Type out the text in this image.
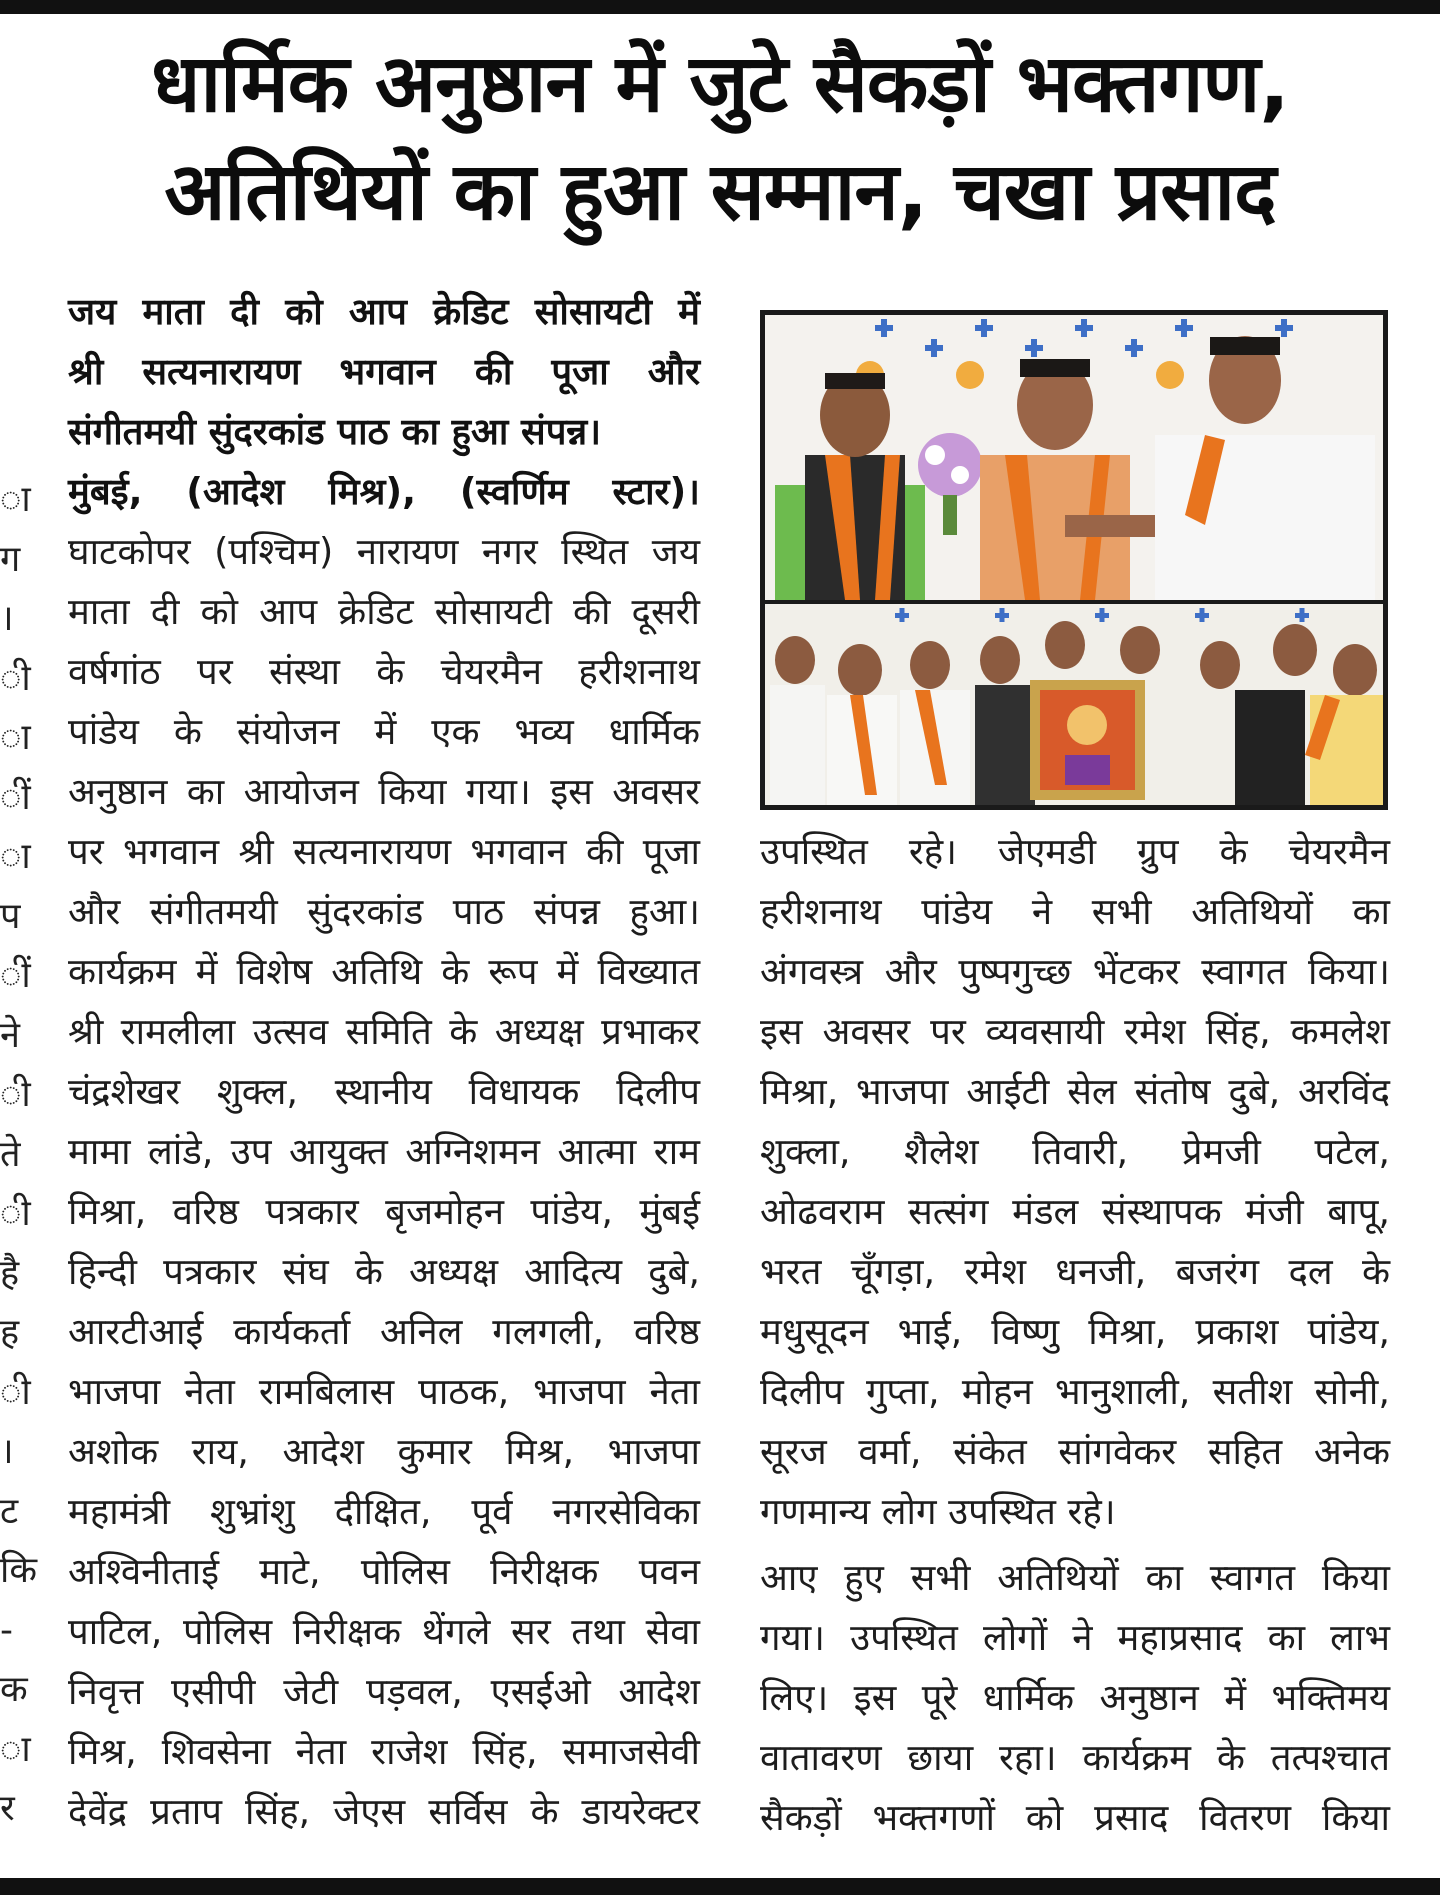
धार्मिक अनुष्ठान में जुटे सैकड़ों भक्तगण,
अतिथियों का हुआ सम्मान, चखा प्रसाद
ा
ग
।
ी
ा
ीं
ा
प
ीं
ने
ी
ते
ी
है
ह
ी
।
ट
कि
-
क
ा
र
जय माता दी को आप क्रेडिट सोसायटी में
श्री सत्यनारायण भगवान की पूजा और
संगीतमयी सुंदरकांड पाठ का हुआ संपन्न।
मुंबई, (आदेश मिश्र), (स्वर्णिम स्टार)।
घाटकोपर (पश्चिम) नारायण नगर स्थित जय
माता दी को आप क्रेडिट सोसायटी की दूसरी
वर्षगांठ पर संस्था के चेयरमैन हरीशनाथ
पांडेय के संयोजन में एक भव्य धार्मिक
अनुष्ठान का आयोजन किया गया। इस अवसर
पर भगवान श्री सत्यनारायण भगवान की पूजा
और संगीतमयी सुंदरकांड पाठ संपन्न हुआ।
कार्यक्रम में विशेष अतिथि के रूप में विख्यात
श्री रामलीला उत्सव समिति के अध्यक्ष प्रभाकर
चंद्रशेखर शुक्ल, स्थानीय विधायक दिलीप
मामा लांडे, उप आयुक्त अग्निशमन आत्मा राम
मिश्रा, वरिष्ठ पत्रकार बृजमोहन पांडेय, मुंबई
हिन्दी पत्रकार संघ के अध्यक्ष आदित्य दुबे,
आरटीआई कार्यकर्ता अनिल गलगली, वरिष्ठ
भाजपा नेता रामबिलास पाठक, भाजपा नेता
अशोक राय, आदेश कुमार मिश्र, भाजपा
महामंत्री शुभ्रांशु दीक्षित, पूर्व नगरसेविका
अश्विनीताई माटे, पोलिस निरीक्षक पवन
पाटिल, पोलिस निरीक्षक थेंगले सर तथा सेवा
निवृत्त एसीपी जेटी पड़वल, एसईओ आदेश
मिश्र, शिवसेना नेता राजेश सिंह, समाजसेवी
देवेंद्र प्रताप सिंह, जेएस सर्विस के डायरेक्टर
उपस्थित रहे। जेएमडी ग्रुप के चेयरमैन
हरीशनाथ पांडेय ने सभी अतिथियों का
अंगवस्त्र और पुष्पगुच्छ भेंटकर स्वागत किया।
इस अवसर पर व्यवसायी रमेश सिंह, कमलेश
मिश्रा, भाजपा आईटी सेल संतोष दुबे, अरविंद
शुक्ला, शैलेश तिवारी, प्रेमजी पटेल,
ओढवराम सत्संग मंडल संस्थापक मंजी बापू,
भरत चूँगड़ा, रमेश धनजी, बजरंग दल के
मधुसूदन भाई, विष्णु मिश्रा, प्रकाश पांडेय,
दिलीप गुप्ता, मोहन भानुशाली, सतीश सोनी,
सूरज वर्मा, संकेत सांगवेकर सहित अनेक
गणमान्य लोग उपस्थित रहे।
आए हुए सभी अतिथियों का स्वागत किया
गया। उपस्थित लोगों ने महाप्रसाद का लाभ
लिए। इस पूरे धार्मिक अनुष्ठान में भक्तिमय
वातावरण छाया रहा। कार्यक्रम के तत्पश्चात
सैकड़ों भक्तगणों को प्रसाद वितरण किया
